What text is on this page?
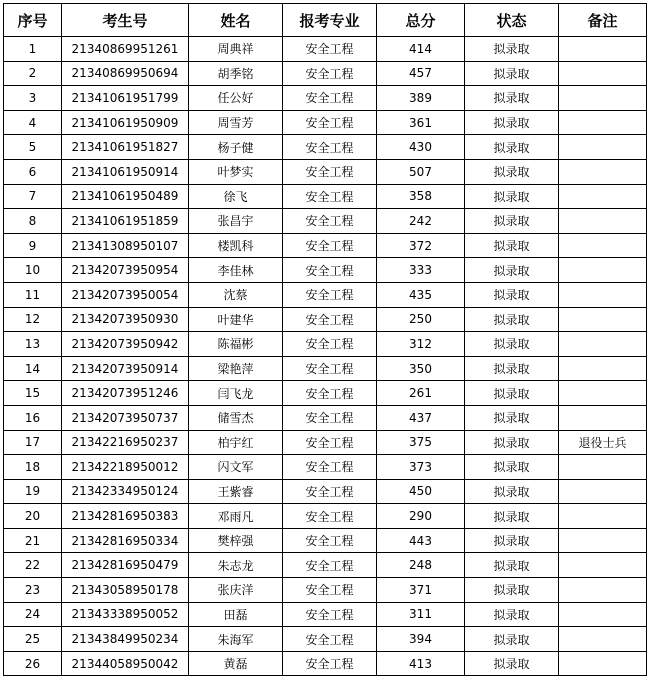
序号	考生号	姓名	报考专业	总分	状态	备注
1	21340869951261	周典祥	安全工程	414	拟录取	
2	21340869950694	胡季铭	安全工程	457	拟录取	
3	21341061951799	任公好	安全工程	389	拟录取	
4	21341061950909	周雪芳	安全工程	361	拟录取	
5	21341061951827	杨子健	安全工程	430	拟录取	
6	21341061950914	叶梦实	安全工程	507	拟录取	
7	21341061950489	徐飞	安全工程	358	拟录取	
8	21341061951859	张昌宇	安全工程	242	拟录取	
9	21341308950107	楼凯科	安全工程	372	拟录取	
10	21342073950954	李佳林	安全工程	333	拟录取	
11	21342073950054	沈蔡	安全工程	435	拟录取	
12	21342073950930	叶建华	安全工程	250	拟录取	
13	21342073950942	陈福彬	安全工程	312	拟录取	
14	21342073950914	梁艳萍	安全工程	350	拟录取	
15	21342073951246	闫飞龙	安全工程	261	拟录取	
16	21342073950737	储雪杰	安全工程	437	拟录取	
17	21342216950237	柏宇红	安全工程	375	拟录取	退役士兵
18	21342218950012	闪文军	安全工程	373	拟录取	
19	21342334950124	王紫睿	安全工程	450	拟录取	
20	21342816950383	邓雨凡	安全工程	290	拟录取	
21	21342816950334	樊梓强	安全工程	443	拟录取	
22	21342816950479	朱志龙	安全工程	248	拟录取	
23	21343058950178	张庆洋	安全工程	371	拟录取	
24	21343338950052	田磊	安全工程	311	拟录取	
25	21343849950234	朱海军	安全工程	394	拟录取	
26	21344058950042	黄磊	安全工程	413	拟录取	
